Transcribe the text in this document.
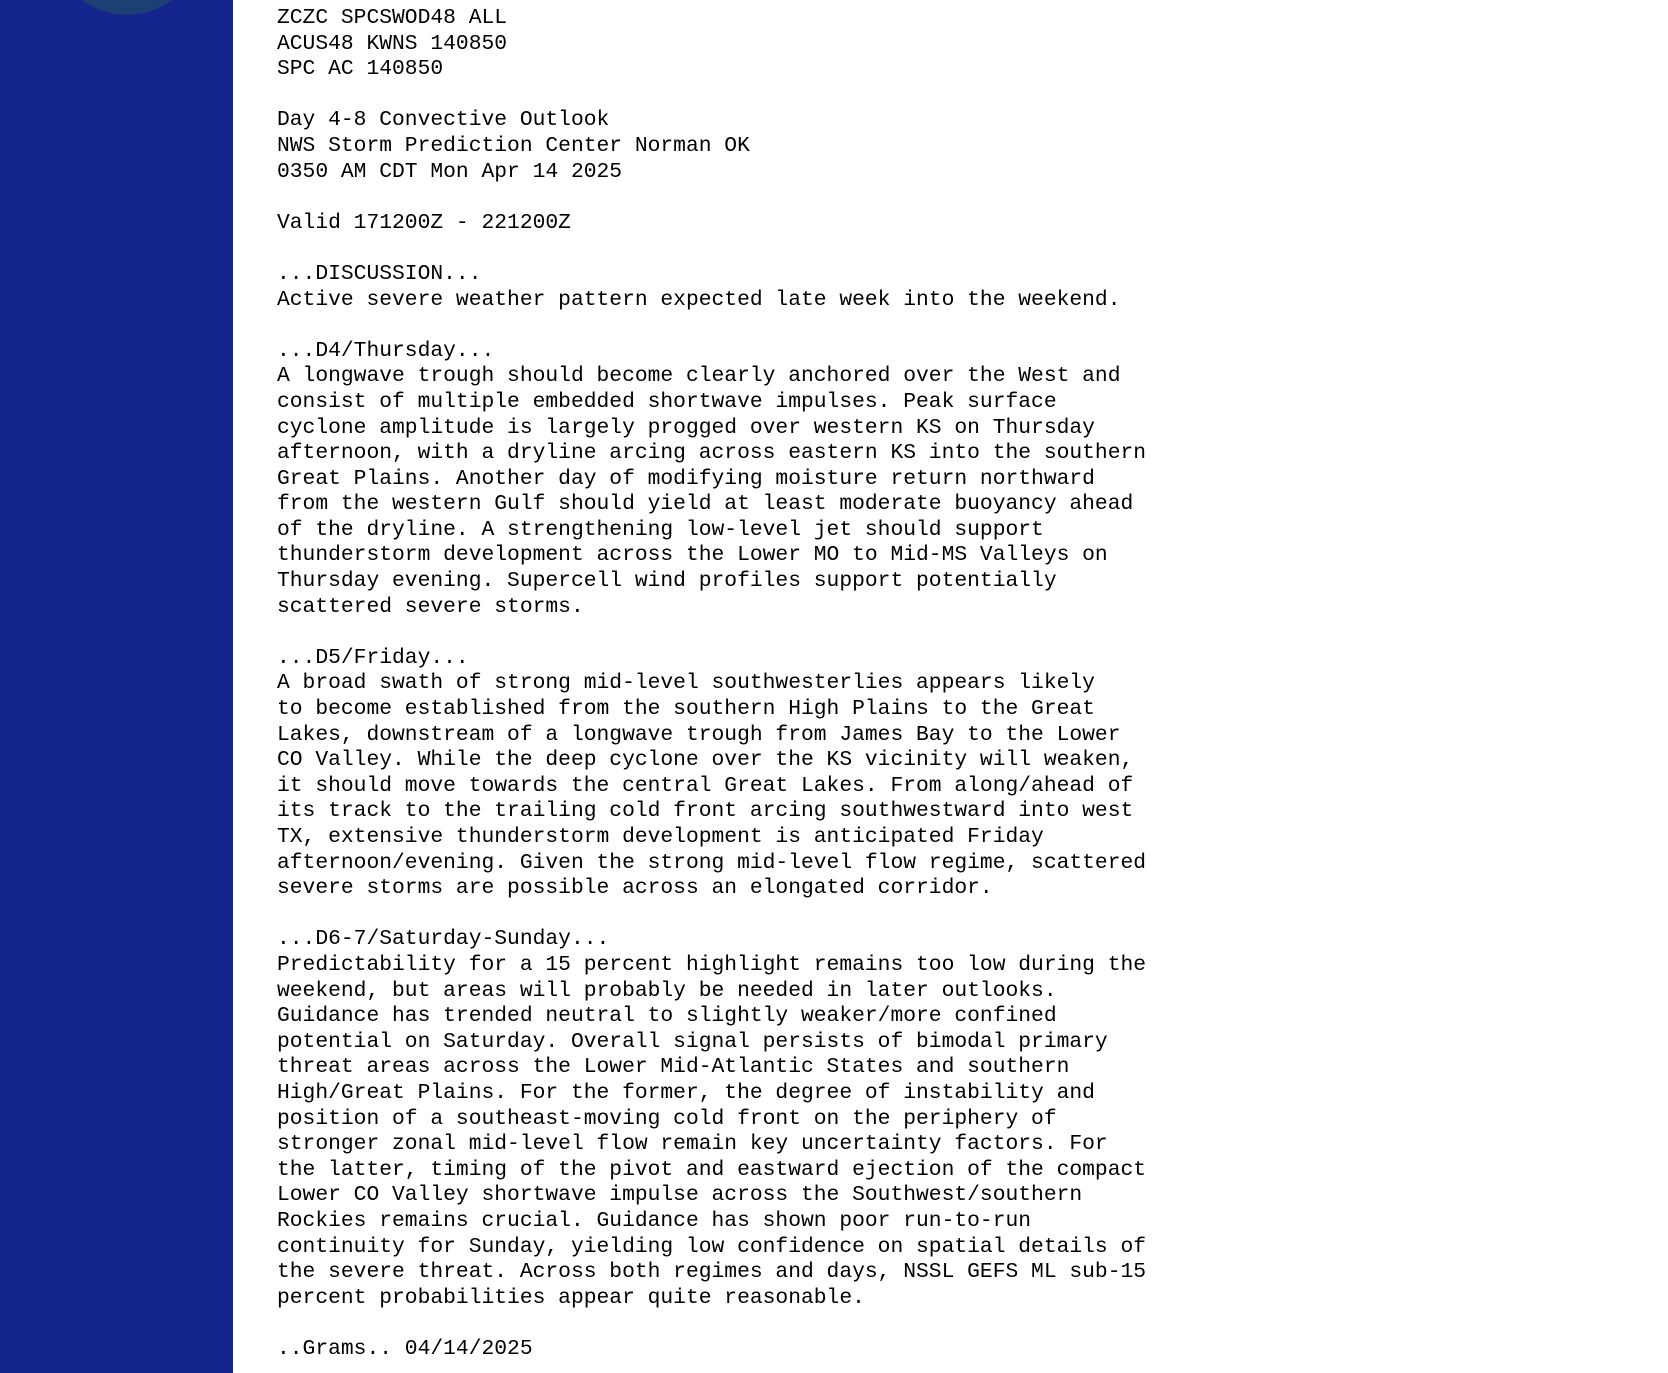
ZCZC SPCSWOD48 ALL
ACUS48 KWNS 140850
SPC AC 140850

Day 4-8 Convective Outlook
NWS Storm Prediction Center Norman OK
0350 AM CDT Mon Apr 14 2025

Valid 171200Z - 221200Z

...DISCUSSION...
Active severe weather pattern expected late week into the weekend.

...D4/Thursday...
A longwave trough should become clearly anchored over the West and
consist of multiple embedded shortwave impulses. Peak surface
cyclone amplitude is largely progged over western KS on Thursday
afternoon, with a dryline arcing across eastern KS into the southern
Great Plains. Another day of modifying moisture return northward
from the western Gulf should yield at least moderate buoyancy ahead
of the dryline. A strengthening low-level jet should support
thunderstorm development across the Lower MO to Mid-MS Valleys on
Thursday evening. Supercell wind profiles support potentially
scattered severe storms.

...D5/Friday...
A broad swath of strong mid-level southwesterlies appears likely
to become established from the southern High Plains to the Great
Lakes, downstream of a longwave trough from James Bay to the Lower
CO Valley. While the deep cyclone over the KS vicinity will weaken,
it should move towards the central Great Lakes. From along/ahead of
its track to the trailing cold front arcing southwestward into west
TX, extensive thunderstorm development is anticipated Friday
afternoon/evening. Given the strong mid-level flow regime, scattered
severe storms are possible across an elongated corridor.

...D6-7/Saturday-Sunday...
Predictability for a 15 percent highlight remains too low during the
weekend, but areas will probably be needed in later outlooks.
Guidance has trended neutral to slightly weaker/more confined
potential on Saturday. Overall signal persists of bimodal primary
threat areas across the Lower Mid-Atlantic States and southern
High/Great Plains. For the former, the degree of instability and
position of a southeast-moving cold front on the periphery of
stronger zonal mid-level flow remain key uncertainty factors. For
the latter, timing of the pivot and eastward ejection of the compact
Lower CO Valley shortwave impulse across the Southwest/southern
Rockies remains crucial. Guidance has shown poor run-to-run
continuity for Sunday, yielding low confidence on spatial details of
the severe threat. Across both regimes and days, NSSL GEFS ML sub-15
percent probabilities appear quite reasonable.

..Grams.. 04/14/2025
